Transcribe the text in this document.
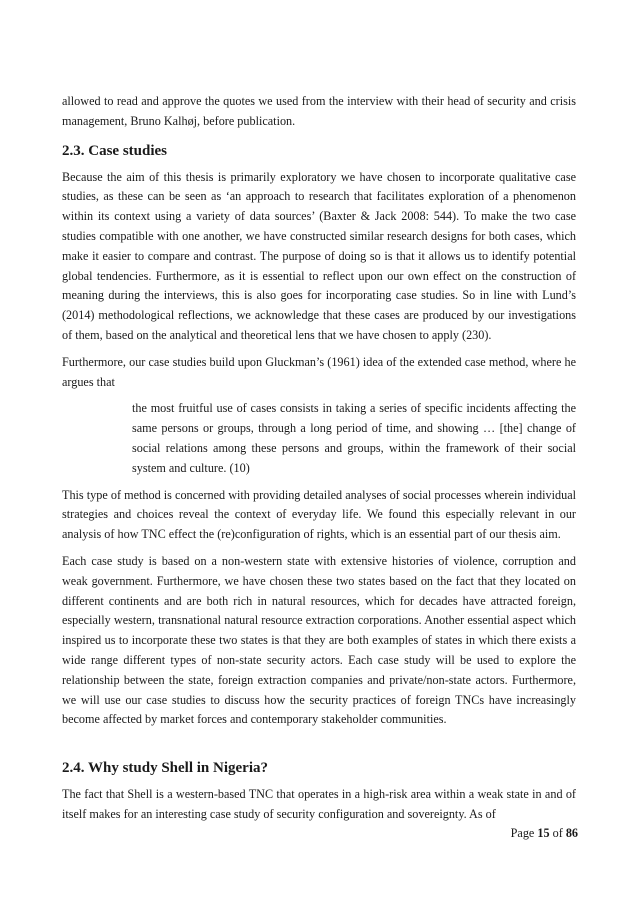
allowed to read and approve the quotes we used from the interview with their head of security and crisis management, Bruno Kalhøj, before publication.

2.3. Case studies

Because the aim of this thesis is primarily exploratory we have chosen to incorporate qualitative case studies, as these can be seen as ‘an approach to research that facilitates exploration of a phenomenon within its context using a variety of data sources’ (Baxter & Jack 2008: 544). To make the two case studies compatible with one another, we have constructed similar research designs for both cases, which make it easier to compare and contrast. The purpose of doing so is that it allows us to identify potential global tendencies. Furthermore, as it is essential to reflect upon our own effect on the construction of meaning during the interviews, this is also goes for incorporating case studies. So in line with Lund’s (2014) methodological reflections, we acknowledge that these cases are produced by our investigations of them, based on the analytical and theoretical lens that we have chosen to apply (230).

Furthermore, our case studies build upon Gluckman’s (1961) idea of the extended case method, where he argues that

the most fruitful use of cases consists in taking a series of specific incidents affecting the same persons or groups, through a long period of time, and showing … [the] change of social relations among these persons and groups, within the framework of their social system and culture. (10)

This type of method is concerned with providing detailed analyses of social processes wherein individual strategies and choices reveal the context of everyday life. We found this especially relevant in our analysis of how TNC effect the (re)configuration of rights, which is an essential part of our thesis aim.

Each case study is based on a non-western state with extensive histories of violence, corruption and weak government. Furthermore, we have chosen these two states based on the fact that they located on different continents and are both rich in natural resources, which for decades have attracted foreign, especially western, transnational natural resource extraction corporations. Another essential aspect which inspired us to incorporate these two states is that they are both examples of states in which there exists a wide range different types of non-state security actors. Each case study will be used to explore the relationship between the state, foreign extraction companies and private/non-state actors. Furthermore, we will use our case studies to discuss how the security practices of foreign TNCs have increasingly become affected by market forces and contemporary stakeholder communities.

2.4. Why study Shell in Nigeria?

The fact that Shell is a western-based TNC that operates in a high-risk area within a weak state in and of itself makes for an interesting case study of security configuration and sovereignty. As of

Page 15 of 86
